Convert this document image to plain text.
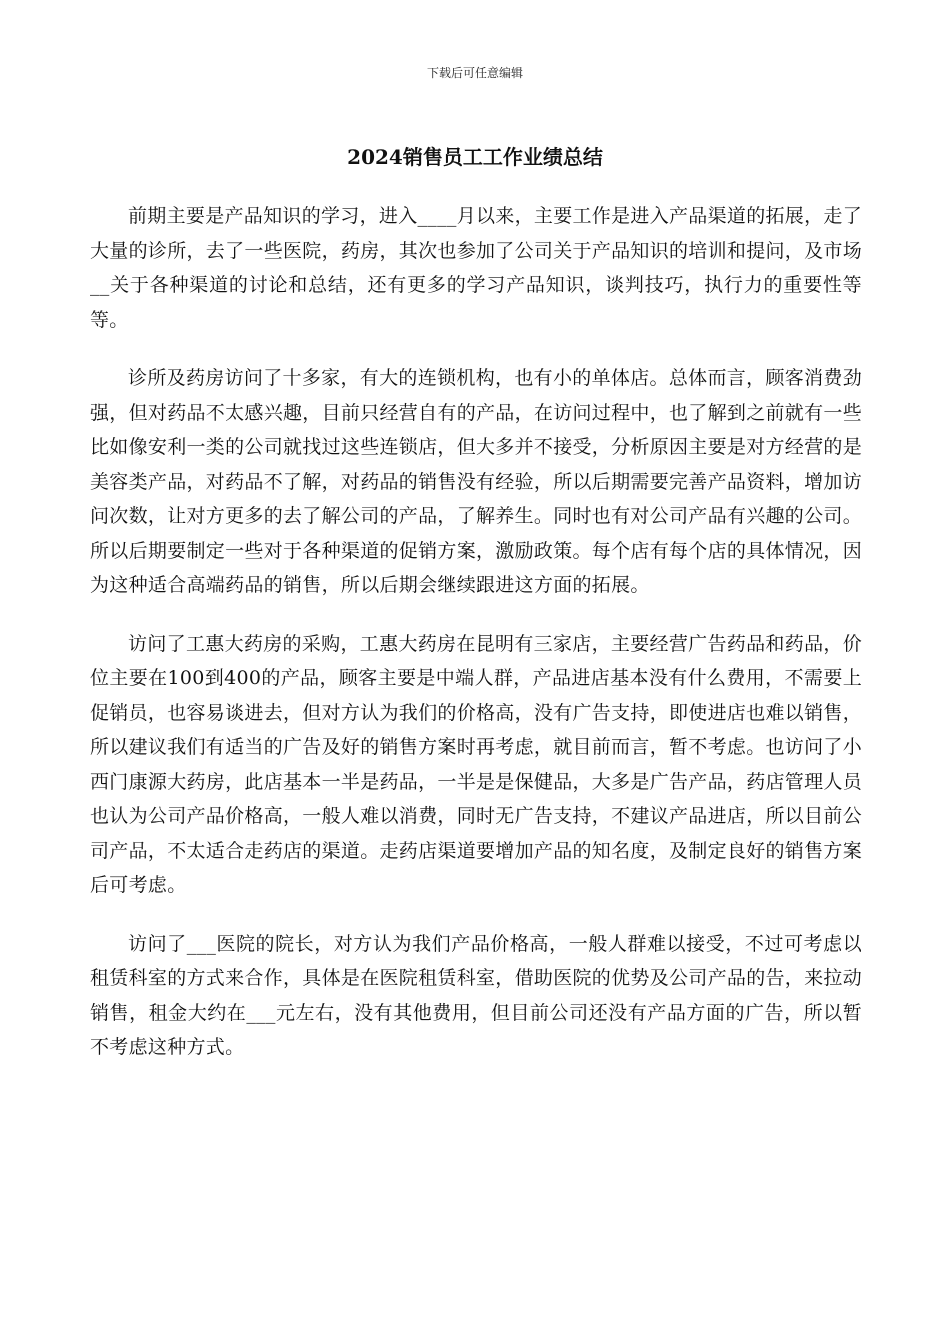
下载后可任意编辑
2024销售员工工作业绩总结

前期主要是产品知识的学习，进入____月以来，主要工作是进入产品渠道的拓展，走了大量的诊所，去了一些医院，药房，其次也参加了公司关于产品知识的培训和提问，及市场__关于各种渠道的讨论和总结，还有更多的学习产品知识，谈判技巧，执行力的重要性等等。

诊所及药房访问了十多家，有大的连锁机构，也有小的单体店。总体而言，顾客消费劲强，但对药品不太感兴趣，目前只经营自有的产品，在访问过程中，也了解到之前就有一些比如像安利一类的公司就找过这些连锁店，但大多并不接受，分析原因主要是对方经营的是美容类产品，对药品不了解，对药品的销售没有经验，所以后期需要完善产品资料，增加访问次数，让对方更多的去了解公司的产品，了解养生。同时也有对公司产品有兴趣的公司。所以后期要制定一些对于各种渠道的促销方案，激励政策。每个店有每个店的具体情况，因为这种适合高端药品的销售，所以后期会继续跟进这方面的拓展。

访问了工惠大药房的采购，工惠大药房在昆明有三家店，主要经营广告药品和药品，价位主要在100到400的产品，顾客主要是中端人群，产品进店基本没有什么费用，不需要上促销员，也容易谈进去，但对方认为我们的价格高，没有广告支持，即使进店也难以销售，所以建议我们有适当的广告及好的销售方案时再考虑，就目前而言，暂不考虑。也访问了小西门康源大药房，此店基本一半是药品，一半是是保健品，大多是广告产品，药店管理人员也认为公司产品价格高，一般人难以消费，同时无广告支持，不建议产品进店，所以目前公司产品，不太适合走药店的渠道。走药店渠道要增加产品的知名度，及制定良好的销售方案后可考虑。

访问了___医院的院长，对方认为我们产品价格高，一般人群难以接受，不过可考虑以租赁科室的方式来合作，具体是在医院租赁科室，借助医院的优势及公司产品的告，来拉动销售，租金大约在___元左右，没有其他费用，但目前公司还没有产品方面的广告，所以暂不考虑这种方式。
